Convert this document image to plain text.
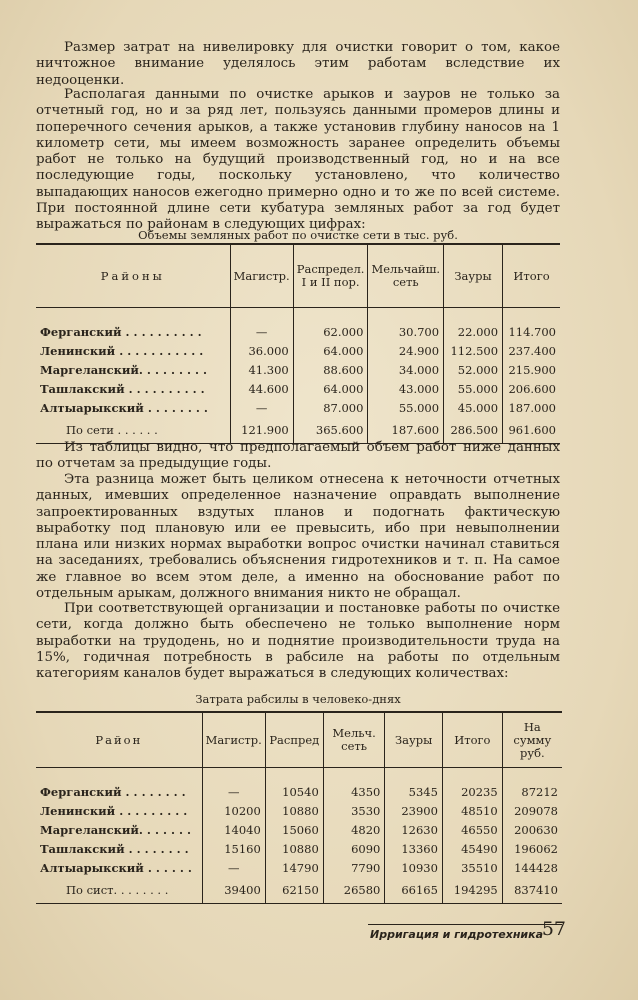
Размер затрат на нивелировку для очистки говорит о том, какое ничтожное внимание уделялось этим работам вследствие их недооценки.

Располагая данными по очистке арыков и зауров не только за отчетный год, но и за ряд лет, пользуясь данными промеров длины и поперечного сечения арыков, а также установив глубину наносов на 1 километр сети, мы имеем возможность заранее определить объемы работ не только на будущий производственный год, но и на все последующие годы, поскольку установлено, что количество выпадающих наносов ежегодно примерно одно и то же по всей системе. При постоянной длине сети кубатура земляных работ за год будет выражаться по районам в следующих цифрах:

Объемы земляных работ по очистке сети в тыс. руб.

Районы	Магистр.	Распредел. I и II пор.	Мельчайш. сеть	Зауры	Итого

Ферганский . . . . . . . . . .	—	62.000	30.700	22.000	114.700
Ленинский . . . . . . . . . . .	36.000	64.000	24.900	112.500	237.400
Маргеланский. . . . . . . . .	41.300	88.600	34.000	52.000	215.900
Ташлакский . . . . . . . . . .	44.600	64.000	43.000	55.000	206.600
Алтыарыкский . . . . . . . .	—	87.000	55.000	45.000	187.000
По сети . . . . . .	121.900	365.600	187.600	286.500	961.600

Из таблицы видно, что предполагаемый объем работ ниже данных по отчетам за предыдущие годы.

Эта разница может быть целиком отнесена к неточности отчетных данных, имевших определенное назначение оправдать выполнение запроектированных вздутых планов и подогнать фактическую выработку под плановую или ее превысить, ибо при невыполнении плана или низких нормах выработки вопрос очистки начинал ставиться на заседаниях, требовались объяснения гидротехников и т. п. На самое же главное во всем этом деле, а именно на обоснование работ по отдельным арыкам, должного внимания никто не обращал.

При соответствующей организации и постановке работы по очистке сети, когда должно быть обеспечено не только выполнение норм выработки на трудодень, но и поднятие производительности труда на 15%, годичная потребность в рабсиле на работы по отдельным категориям каналов будет выражаться в следующих количествах:

Затрата рабсилы в человеко-днях

Район	Магистр.	Распред	Мельч. сеть	Зауры	Итого	На сумму руб.

Ферганский . . . . . . . .	—	10540	4350	5345	20235	87212
Ленинский . . . . . . . . .	10200	10880	3530	23900	48510	209078
Маргеланский. . . . . . .	14040	15060	4820	12630	46550	200630
Ташлакский . . . . . . . .	15160	10880	6090	13360	45490	196062
Алтыарыкский . . . . . .	—	14790	7790	10930	35510	144428
По сист. . . . . . . .	39400	62150	26580	66165	194295	837410
Ирригация и гидротехника
57
